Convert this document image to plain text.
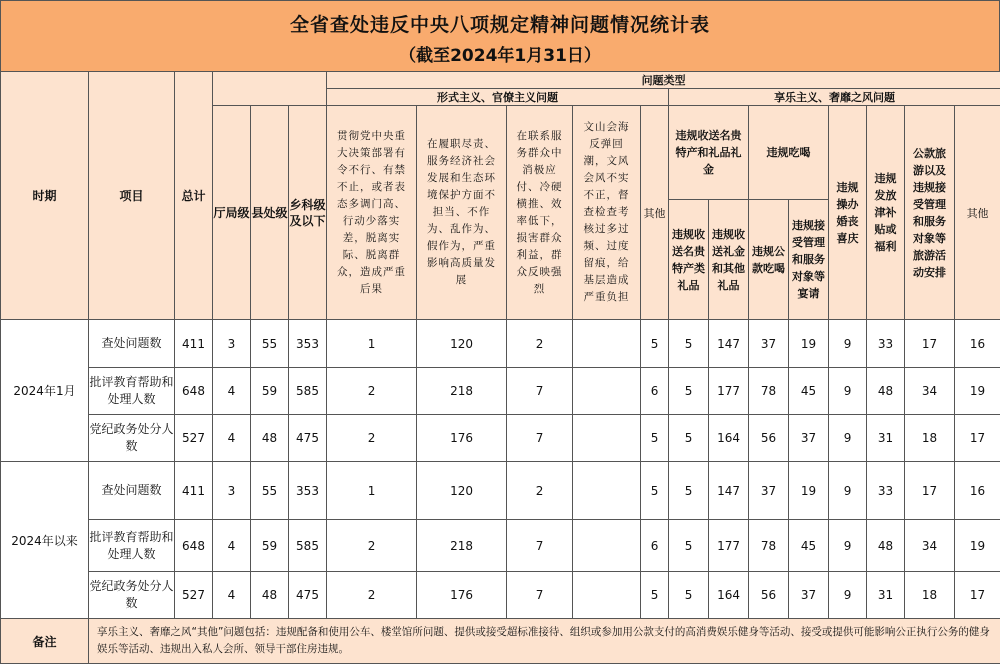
全省查处违反中央八项规定精神问题情况统计表
（截至2024年1月31日）
时期	项目	总计				问题类型												
						形式主义、官僚主义问题					享乐主义、奢靡之风问题							
			厅局级	县处级	乡科级及以下	贯彻党中央重大决策部署有令不行、有禁不止，或者表态多调门高、行动少落实差，脱离实际、脱离群众，造成严重后果	在履职尽责、服务经济社会发展和生态环境保护方面不担当、不作为、乱作为、假作为，严重影响高质量发展	在联系服务群众中消极应付、冷硬横推、效率低下，损害群众利益，群众反映强烈	文山会海反弹回潮，文风会风不实不正，督查检查考核过多过频、过度留痕，给基层造成严重负担	其他	违规收送名贵特产和礼品礼金		违规吃喝		违规操办婚丧喜庆	违规发放津补贴或福利	公款旅游以及违规接受管理和服务对象等旅游活动安排	其他
											违规收送名贵特产类礼品	违规收送礼金和其他礼品	违规公款吃喝	违规接受管理和服务对象等宴请				
2024年1月	查处问题数	411	3	55	353	1	120	2		5	5	147	37	19	9	33	17	16
	批评教育帮助和处理人数	648	4	59	585	2	218	7		6	5	177	78	45	9	48	34	19
	党纪政务处分人数	527	4	48	475	2	176	7		5	5	164	56	37	9	31	18	17
2024年以来	查处问题数	411	3	55	353	1	120	2		5	5	147	37	19	9	33	17	16
	批评教育帮助和处理人数	648	4	59	585	2	218	7		6	5	177	78	45	9	48	34	19
	党纪政务处分人数	527	4	48	475	2	176	7		5	5	164	56	37	9	31	18	17
备注	享乐主义、奢靡之风“其他”问题包括：违规配备和使用公车、楼堂馆所问题、提供或接受超标准接待、组织或参加用公款支付的高消费娱乐健身等活动、接受或提供可能影响公正执行公务的健身娱乐等活动、违规出入私人会所、领导干部住房违规。																	
